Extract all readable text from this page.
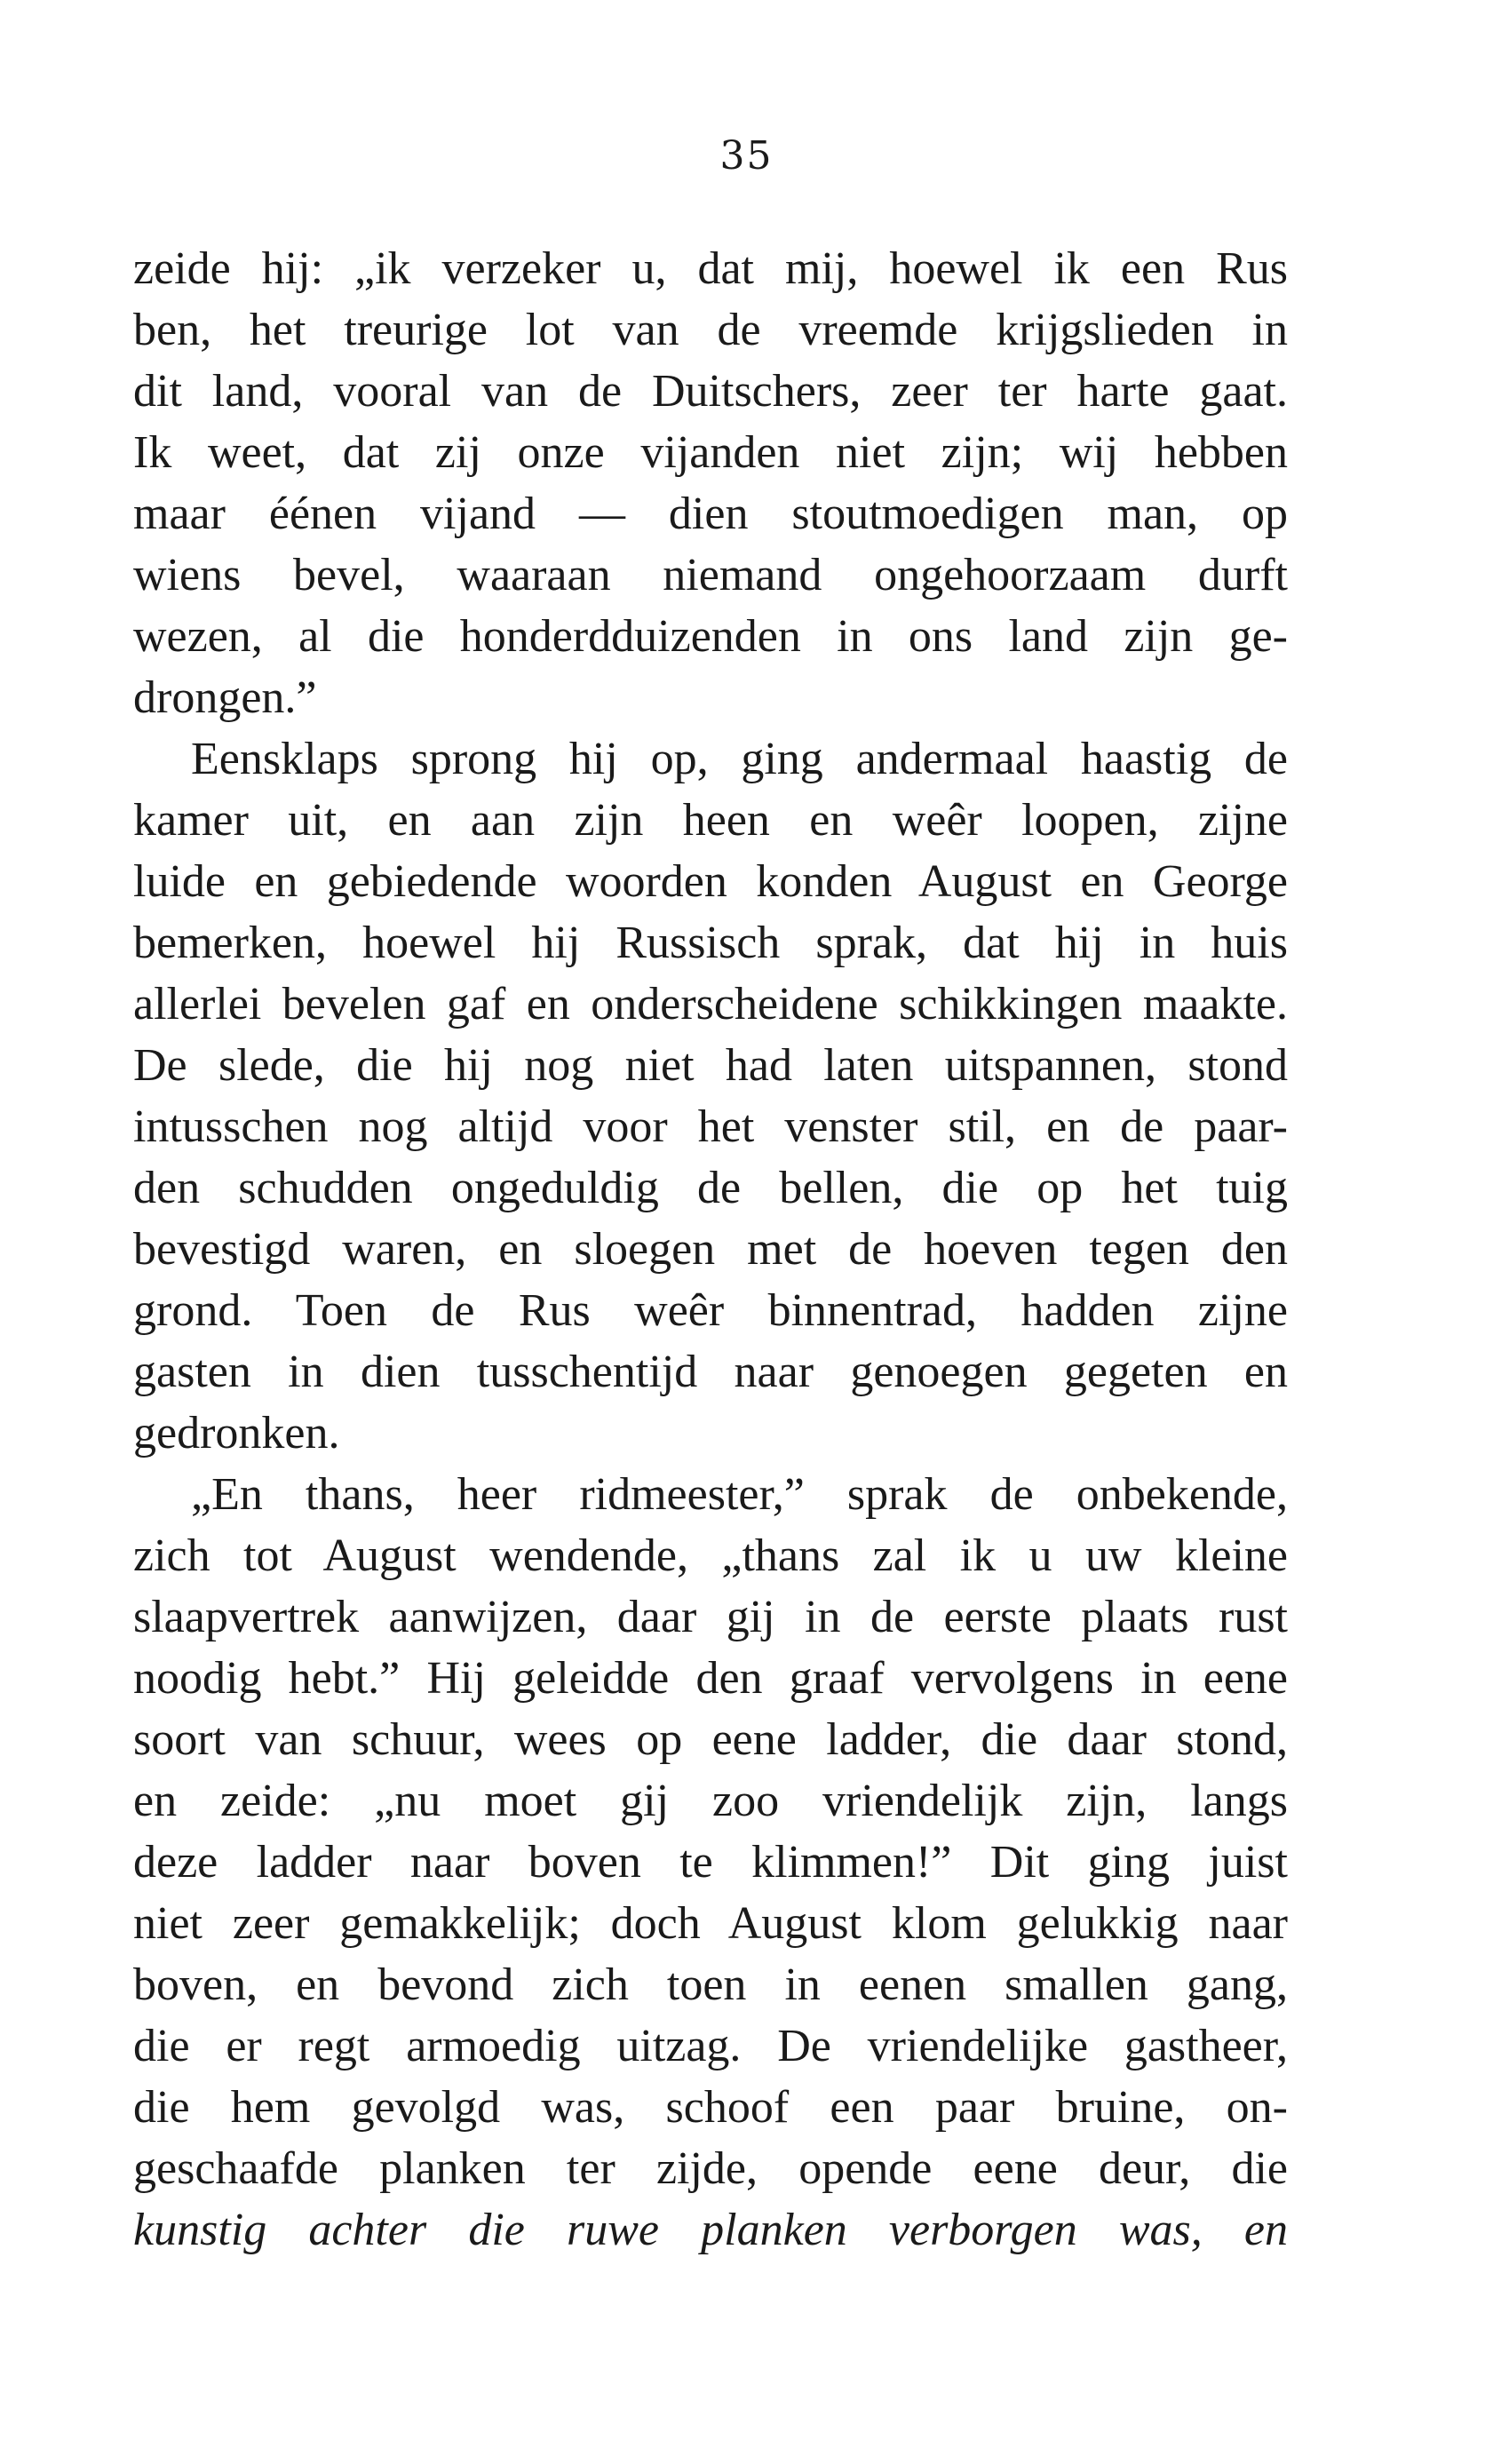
35
zeide hij: „ik verzeker u, dat mij, hoewel ik een Rus
ben, het treurige lot van de vreemde krijgslieden in
dit land, vooral van de Duitschers, zeer ter harte gaat.
Ik weet, dat zij onze vijanden niet zijn; wij hebben
maar éénen vijand — dien stoutmoedigen man, op
wiens bevel, waaraan niemand ongehoorzaam durft
wezen, al die honderdduizenden in ons land zijn ge-
drongen.”
Eensklaps sprong hij op, ging andermaal haastig de
kamer uit, en aan zijn heen en weêr loopen, zijne
luide en gebiedende woorden konden August en George
bemerken, hoewel hij Russisch sprak, dat hij in huis
allerlei bevelen gaf en onderscheidene schikkingen maakte.
De slede, die hij nog niet had laten uitspannen, stond
intusschen nog altijd voor het venster stil, en de paar-
den schudden ongeduldig de bellen, die op het tuig
bevestigd waren, en sloegen met de hoeven tegen den
grond. Toen de Rus weêr binnentrad, hadden zijne
gasten in dien tusschentijd naar genoegen gegeten en
gedronken.
„En thans, heer ridmeester,” sprak de onbekende,
zich tot August wendende, „thans zal ik u uw kleine
slaapvertrek aanwijzen, daar gij in de eerste plaats rust
noodig hebt.” Hij geleidde den graaf vervolgens in eene
soort van schuur, wees op eene ladder, die daar stond,
en zeide: „nu moet gij zoo vriendelijk zijn, langs
deze ladder naar boven te klimmen!” Dit ging juist
niet zeer gemakkelijk; doch August klom gelukkig naar
boven, en bevond zich toen in eenen smallen gang,
die er regt armoedig uitzag. De vriendelijke gastheer,
die hem gevolgd was, schoof een paar bruine, on-
geschaafde planken ter zijde, opende eene deur, die
kunstig achter die ruwe planken verborgen was, en
